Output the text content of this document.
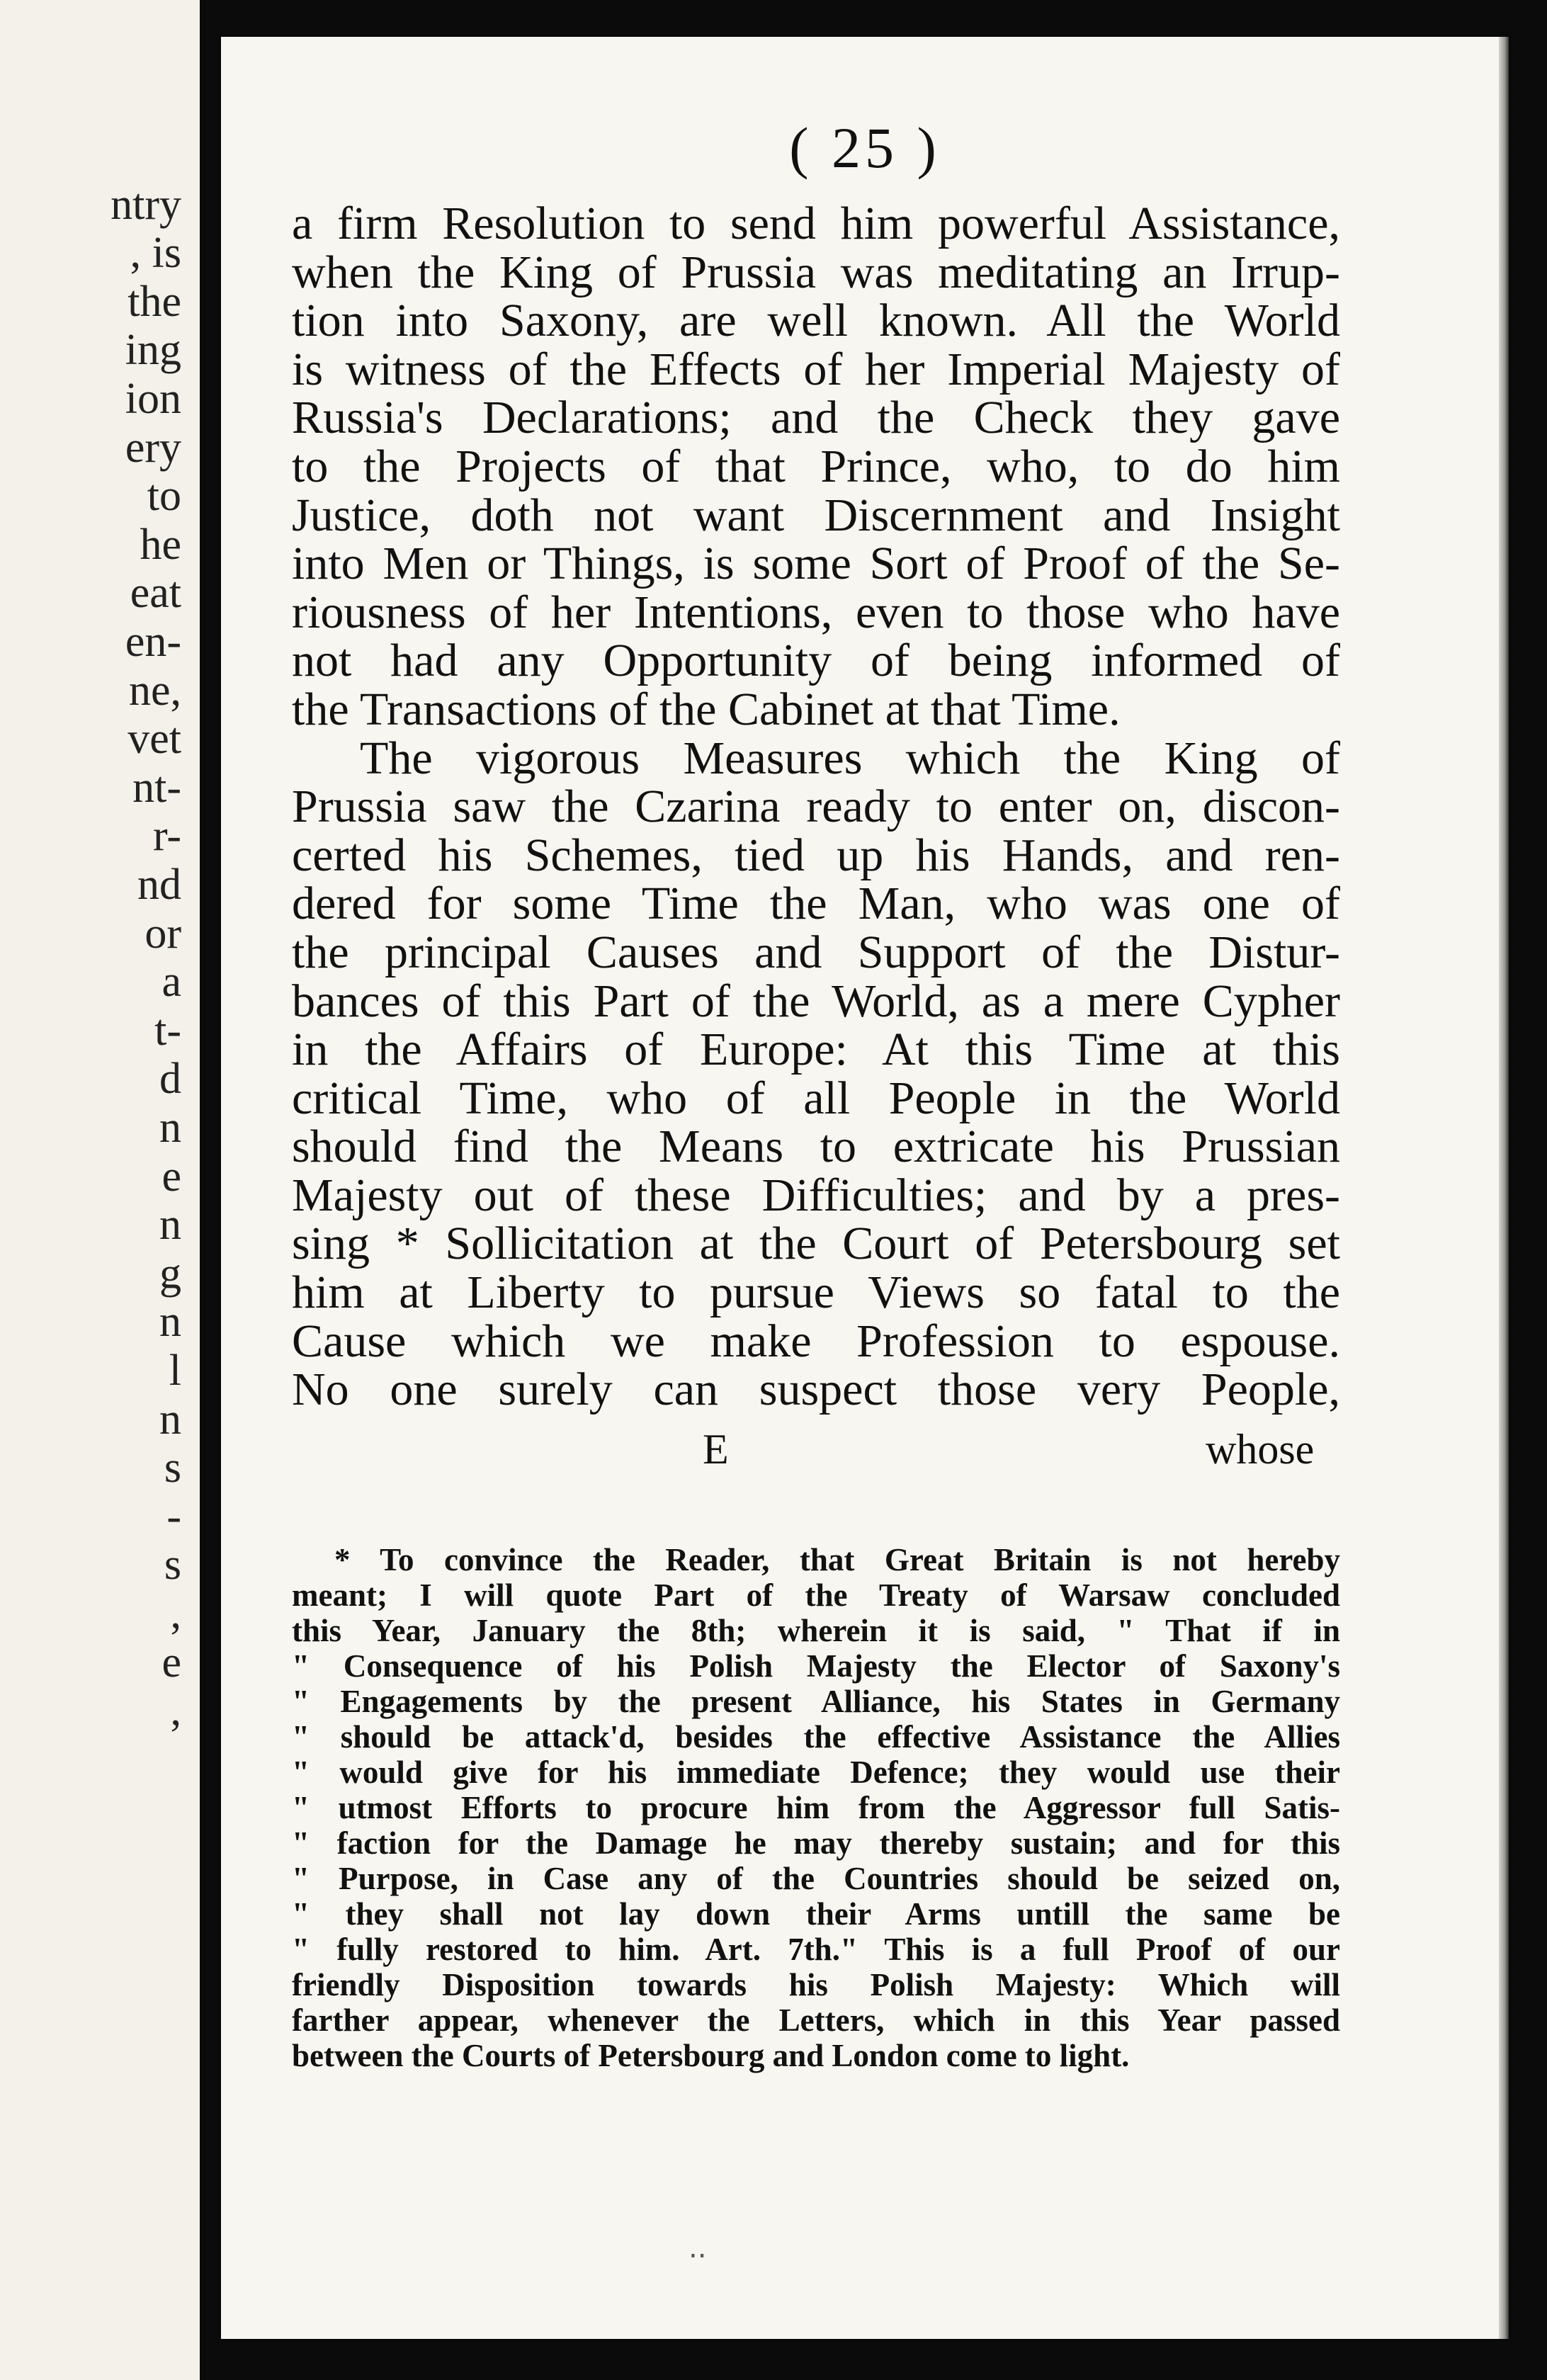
ntry
, is
the
ing
ion
ery
to
he
eat
en-
ne,
vet
nt-
r-
nd
or
a
t-
d
n
e
n
g
n
l
n
s
-
s
,
e
,
( 25 )
a firm Resolution to send him powerful Assistance,
when the King of Prussia was meditating an Irrup-
tion into Saxony, are well known. All the World
is witness of the Effects of her Imperial Majesty of
Russia's Declarations; and the Check they gave
to the Projects of that Prince, who, to do him
Justice, doth not want Discernment and Insight
into Men or Things, is some Sort of Proof of the Se-
riousness of her Intentions, even to those who have
not had any Opportunity of being informed of
the Transactions of the Cabinet at that Time.
The vigorous Measures which the King of
Prussia saw the Czarina ready to enter on, discon-
certed his Schemes, tied up his H⁠ands, and ren-
dered for some Time the Man, who was one of
the principal Causes and Support of the Distur-
bances of this Part of the World, as a mere Cypher
in the Affairs of Europe: At this Time at this
critical Time, who of all People in the World
should find the Means to extricate his Prussian
Majesty out of these Difficulties; and by a pres-
sing * Sollicitation at the Court of Petersbourg set
him at Liberty to pursue Views so fatal to the
Cause which we make Profession to espouse.
No one surely can suspect those very People,
E	whose
* To convince the Reader, that Great Britain is not hereby
meant; I will quote Part of the Treaty of Warsaw concluded
this Year, January the 8th; wherein it is said, " That if in
" Consequence of his Polish Majesty the Elector of Saxony's
" Engagements by the present Alliance, his States in Germany
" should be attack'd, besides the effective Assistance the Allies
" would give for his immediate Defence; they would use their
" utmost Efforts to procure him from the Aggressor full Satis-
" faction for the Damage he may thereby sustain; and for this
" Purpose, in Case any of the Countries should be seized on,
" they shall not lay down their Arms untill the same be
" fully restored to him. Art. 7th." This is a full Proof of our
friendly Disposition towards his Polish Majesty: Which will
farther appear, whenever the Letters, which in this Year passed
between the Courts of Petersbourg and London come to light.
‧‧
